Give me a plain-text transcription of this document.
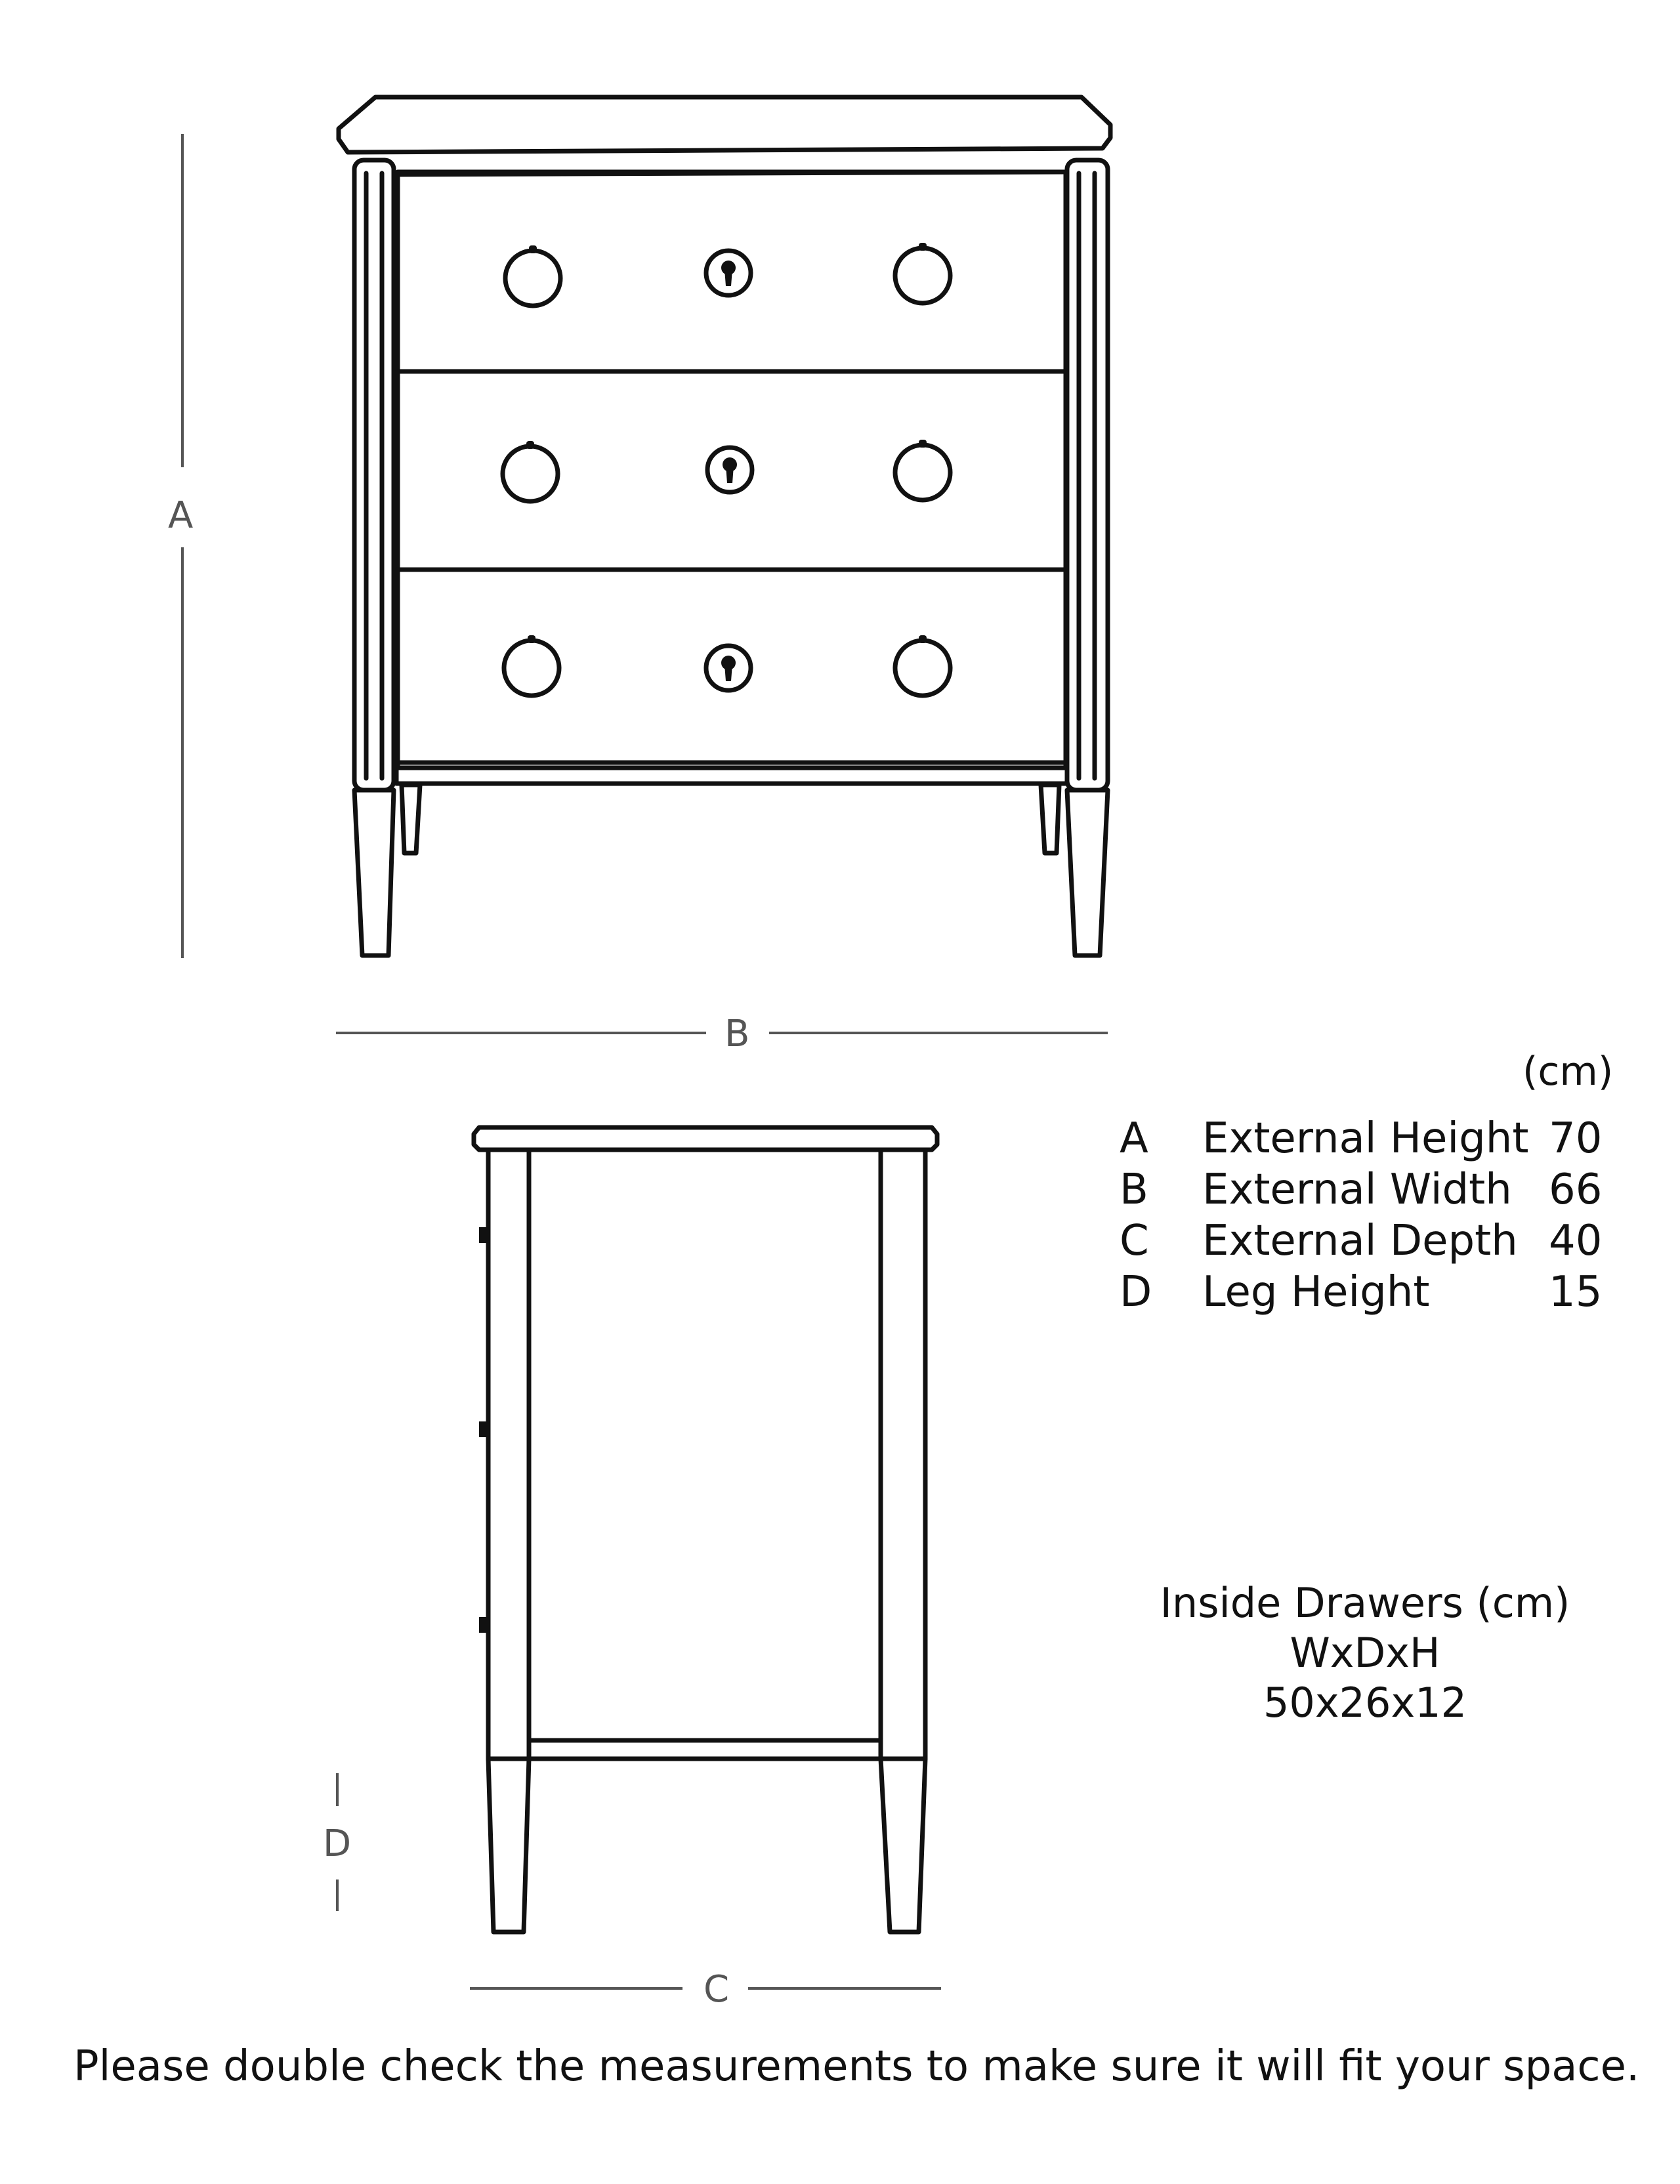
A
B
C
D
(cm)
A	External Height	70
B	External Width	66
C	External Depth	40
D	Leg Height	15
Inside Drawers (cm)
WxDxH
50x26x12
Please double check the measurements to make sure it will fit your space.
